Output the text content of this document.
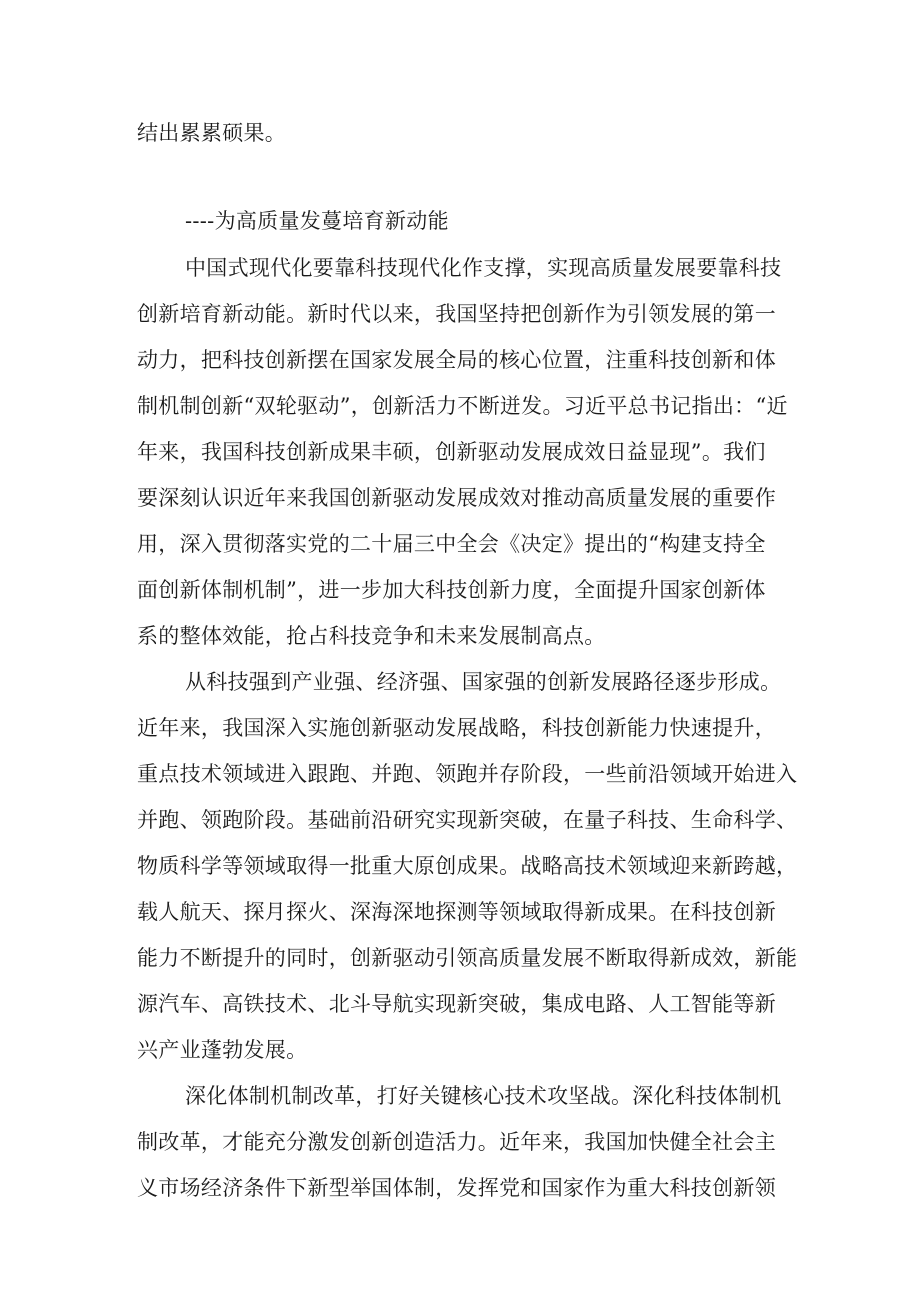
结出累累硕果。
----为高质量发蔓培育新动能
中国式现代化要靠科技现代化作支撑，实现高质量发展要靠科技
创新培育新动能。新时代以来，我国坚持把创新作为引领发展的第一
动力，把科技创新摆在国家发展全局的核心位置，注重科技创新和体
制机制创新“双轮驱动”，创新活力不断迸发。习近平总书记指出：“近
年来，我国科技创新成果丰硕，创新驱动发展成效日益显现”。我们
要深刻认识近年来我国创新驱动发展成效对推动高质量发展的重要作
用，深入贯彻落实党的二十届三中全会《决定》提出的“构建支持全
面创新体制机制”，进一步加大科技创新力度，全面提升国家创新体
系的整体效能，抢占科技竞争和未来发展制高点。
从科技强到产业强、经济强、国家强的创新发展路径逐步形成。
近年来，我国深入实施创新驱动发展战略，科技创新能力快速提升，
重点技术领域进入跟跑、并跑、领跑并存阶段，一些前沿领域开始进入
并跑、领跑阶段。基础前沿研究实现新突破，在量子科技、生命科学、
物质科学等领域取得一批重大原创成果。战略高技术领域迎来新跨越，
载人航天、探月探火、深海深地探测等领域取得新成果。在科技创新
能力不断提升的同时，创新驱动引领高质量发展不断取得新成效，新能
源汽车、高铁技术、北斗导航实现新突破，集成电路、人工智能等新
兴产业蓬勃发展。
深化体制机制改革，打好关键核心技术攻坚战。深化科技体制机
制改革，才能充分激发创新创造活力。近年来，我国加快健全社会主
义市场经济条件下新型举国体制，发挥党和国家作为重大科技创新领
